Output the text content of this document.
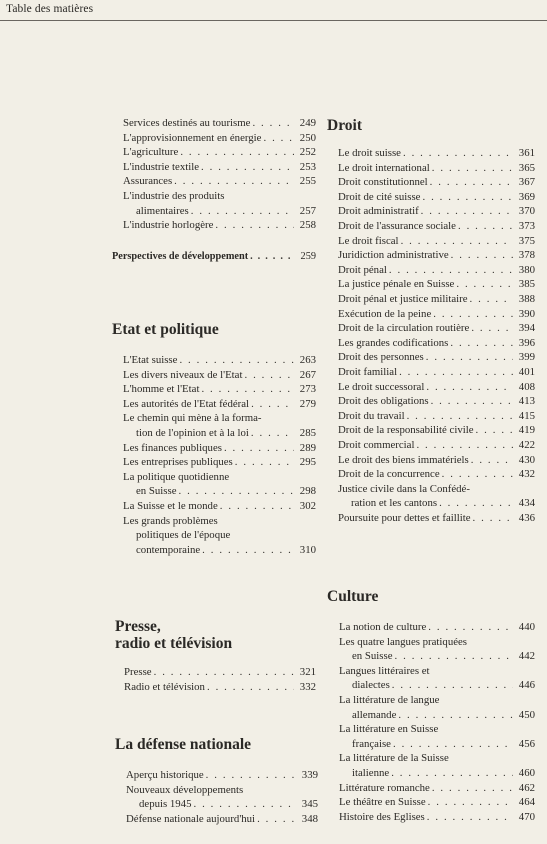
Table des matières
Services destinés au tourisme . . .	249
L'approvisionnement en énergie . . .	250
L'agriculture . . .	252
L'industrie textile . . .	253
Assurances . . .	255
L'industrie des produits
alimentaires . . .	257
L'industrie horlogère . . .	258
Perspectives de développement . . .	259
Etat et politique
L'Etat suisse . . .	263
Les divers niveaux de l'Etat . . .	267
L'homme et l'Etat . . .	273
Les autorités de l'Etat fédéral . . .	279
Le chemin qui mène à la forma-
tion de l'opinion et à la loi . . .	285
Les finances publiques . . .	289
Les entreprises publiques . . .	295
La politique quotidienne
en Suisse . . .	298
La Suisse et le monde . . .	302
Les grands problèmes
politiques de l'époque
contemporaine . . .	310
Presse,
radio et télévision
Presse . . .	321
Radio et télévision . . .	332
La défense nationale
Aperçu historique . . .	339
Nouveaux développements
depuis 1945 . . .	345
Défense nationale aujourd'hui . . .	348
Droit
Le droit suisse . . .	361
Le droit international . . .	365
Droit constitutionnel . . .	367
Droit de cité suisse . . .	369
Droit administratif . . .	370
Droit de l'assurance sociale . . .	373
Le droit fiscal . . .	375
Juridiction administrative . . .	378
Droit pénal . . .	380
La justice pénale en Suisse . . .	385
Droit pénal et justice militaire . . .	388
Exécution de la peine . . .	390
Droit de la circulation routière . . .	394
Les grandes codifications . . .	396
Droit des personnes . . .	399
Droit familial . . .	401
Le droit successoral . . .	408
Droit des obligations . . .	413
Droit du travail . . .	415
Droit de la responsabilité civile . . .	419
Droit commercial . . .	422
Le droit des biens immatériels . . .	430
Droit de la concurrence . . .	432
Justice civile dans la Confédé-
ration et les cantons . . .	434
Poursuite pour dettes et faillite . . .	436
Culture
La notion de culture . . .	440
Les quatre langues pratiquées
en Suisse . . .	442
Langues littéraires et
dialectes . . .	446
La littérature de langue
allemande . . .	450
La littérature en Suisse
française . . .	456
La littérature de la Suisse
italienne . . .	460
Littérature romanche . . .	462
Le théâtre en Suisse . . .	464
Histoire des Eglises . . .	470
